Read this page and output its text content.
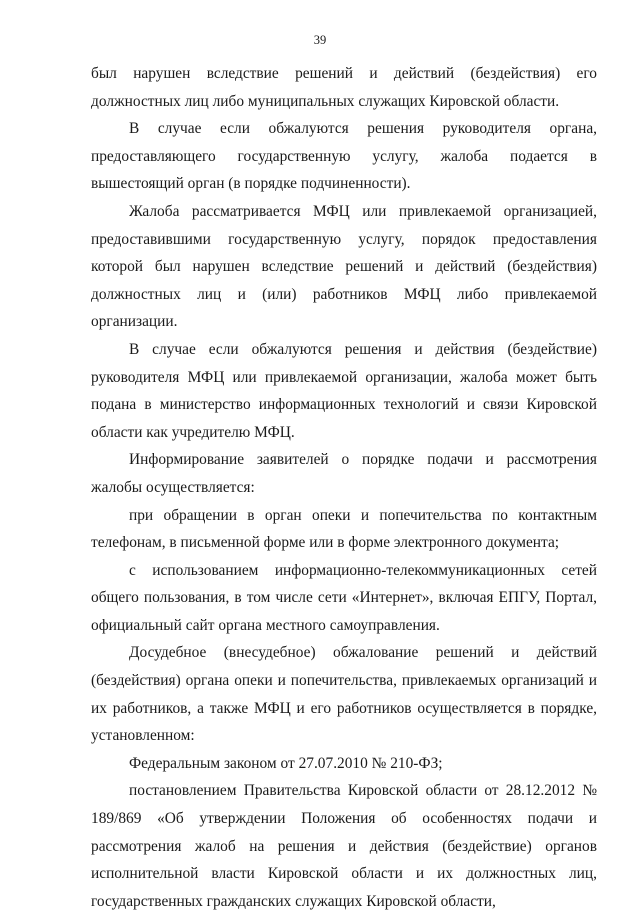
39

был нарушен вследствие решений и действий (бездействия) его должностных лиц либо муниципальных служащих Кировской области.

В случае если обжалуются решения руководителя органа, предоставляющего государственную услугу, жалоба подается в вышестоящий орган (в порядке подчиненности).

Жалоба рассматривается МФЦ или привлекаемой организацией, предоставившими государственную услугу, порядок предоставления которой был нарушен вследствие решений и действий (бездействия) должностных лиц и (или) работников МФЦ либо привлекаемой организации.

В случае если обжалуются решения и действия (бездействие) руководителя МФЦ или привлекаемой организации, жалоба может быть подана в министерство информационных технологий и связи Кировской области как учредителю МФЦ.

Информирование заявителей о порядке подачи и рассмотрения жалобы осуществляется:

при обращении в орган опеки и попечительства по контактным телефонам, в письменной форме или в форме электронного документа;

с использованием информационно-телекоммуникационных сетей общего пользования, в том числе сети «Интернет», включая ЕПГУ, Портал, официальный сайт органа местного самоуправления.

Досудебное (внесудебное) обжалование решений и действий (бездействия) органа опеки и попечительства, привлекаемых организаций и их работников, а также МФЦ и его работников осуществляется в порядке, установленном:

Федеральным законом от 27.07.2010 № 210-ФЗ;

постановлением Правительства Кировской области от 28.12.2012 № 189/869 «Об утверждении Положения об особенностях подачи и рассмотрения жалоб на решения и действия (бездействие) органов исполнительной власти Кировской области и их должностных лиц, государственных гражданских служащих Кировской области,
